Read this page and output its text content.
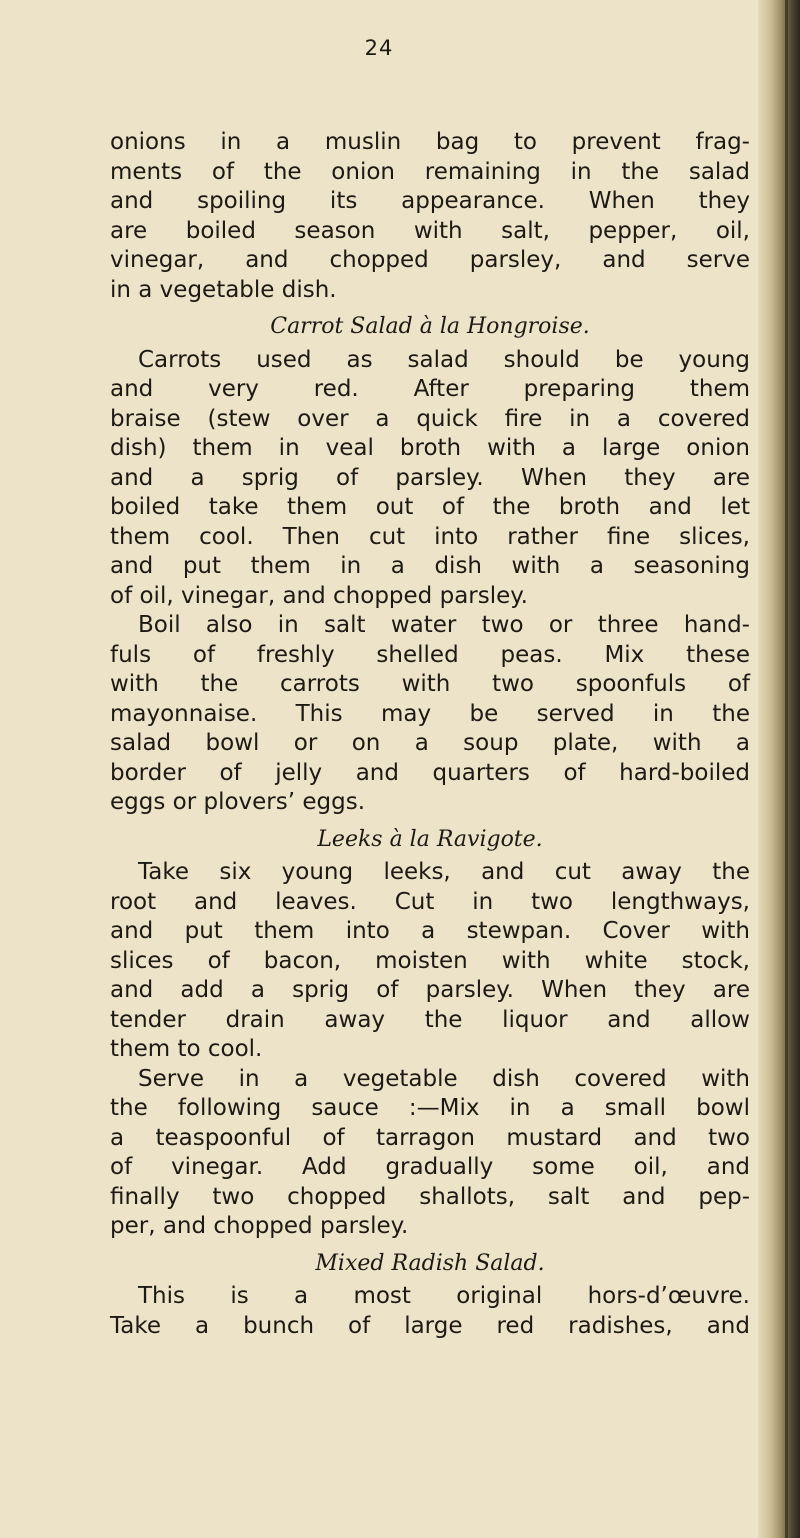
24
onions in a muslin bag to prevent frag-
ments of the onion remaining in the salad
and spoiling its appearance. When they
are boiled season with salt, pepper, oil,
vinegar, and chopped parsley, and serve
in a vegetable dish.
Carrot Salad à la Hongroise.
Carrots used as salad should be young
and very red. After preparing them
braise (stew over a quick fire in a covered
dish) them in veal broth with a large onion
and a sprig of parsley. When they are
boiled take them out of the broth and let
them cool. Then cut into rather fine slices,
and put them in a dish with a seasoning
of oil, vinegar, and chopped parsley.
Boil also in salt water two or three hand-
fuls of freshly shelled peas. Mix these
with the carrots with two spoonfuls of
mayonnaise. This may be served in the
salad bowl or on a soup plate, with a
border of jelly and quarters of hard-boiled
eggs or plovers’ eggs.
Leeks à la Ravigote.
Take six young leeks, and cut away the
root and leaves. Cut in two lengthways,
and put them into a stewpan. Cover with
slices of bacon, moisten with white stock,
and add a sprig of parsley. When they are
tender drain away the liquor and allow
them to cool.
Serve in a vegetable dish covered with
the following sauce :—Mix in a small bowl
a teaspoonful of tarragon mustard and two
of vinegar. Add gradually some oil, and
finally two chopped shallots, salt and pep-
per, and chopped parsley.
Mixed Radish Salad.
This is a most original hors-d’œuvre.
Take a bunch of large red radishes, and
